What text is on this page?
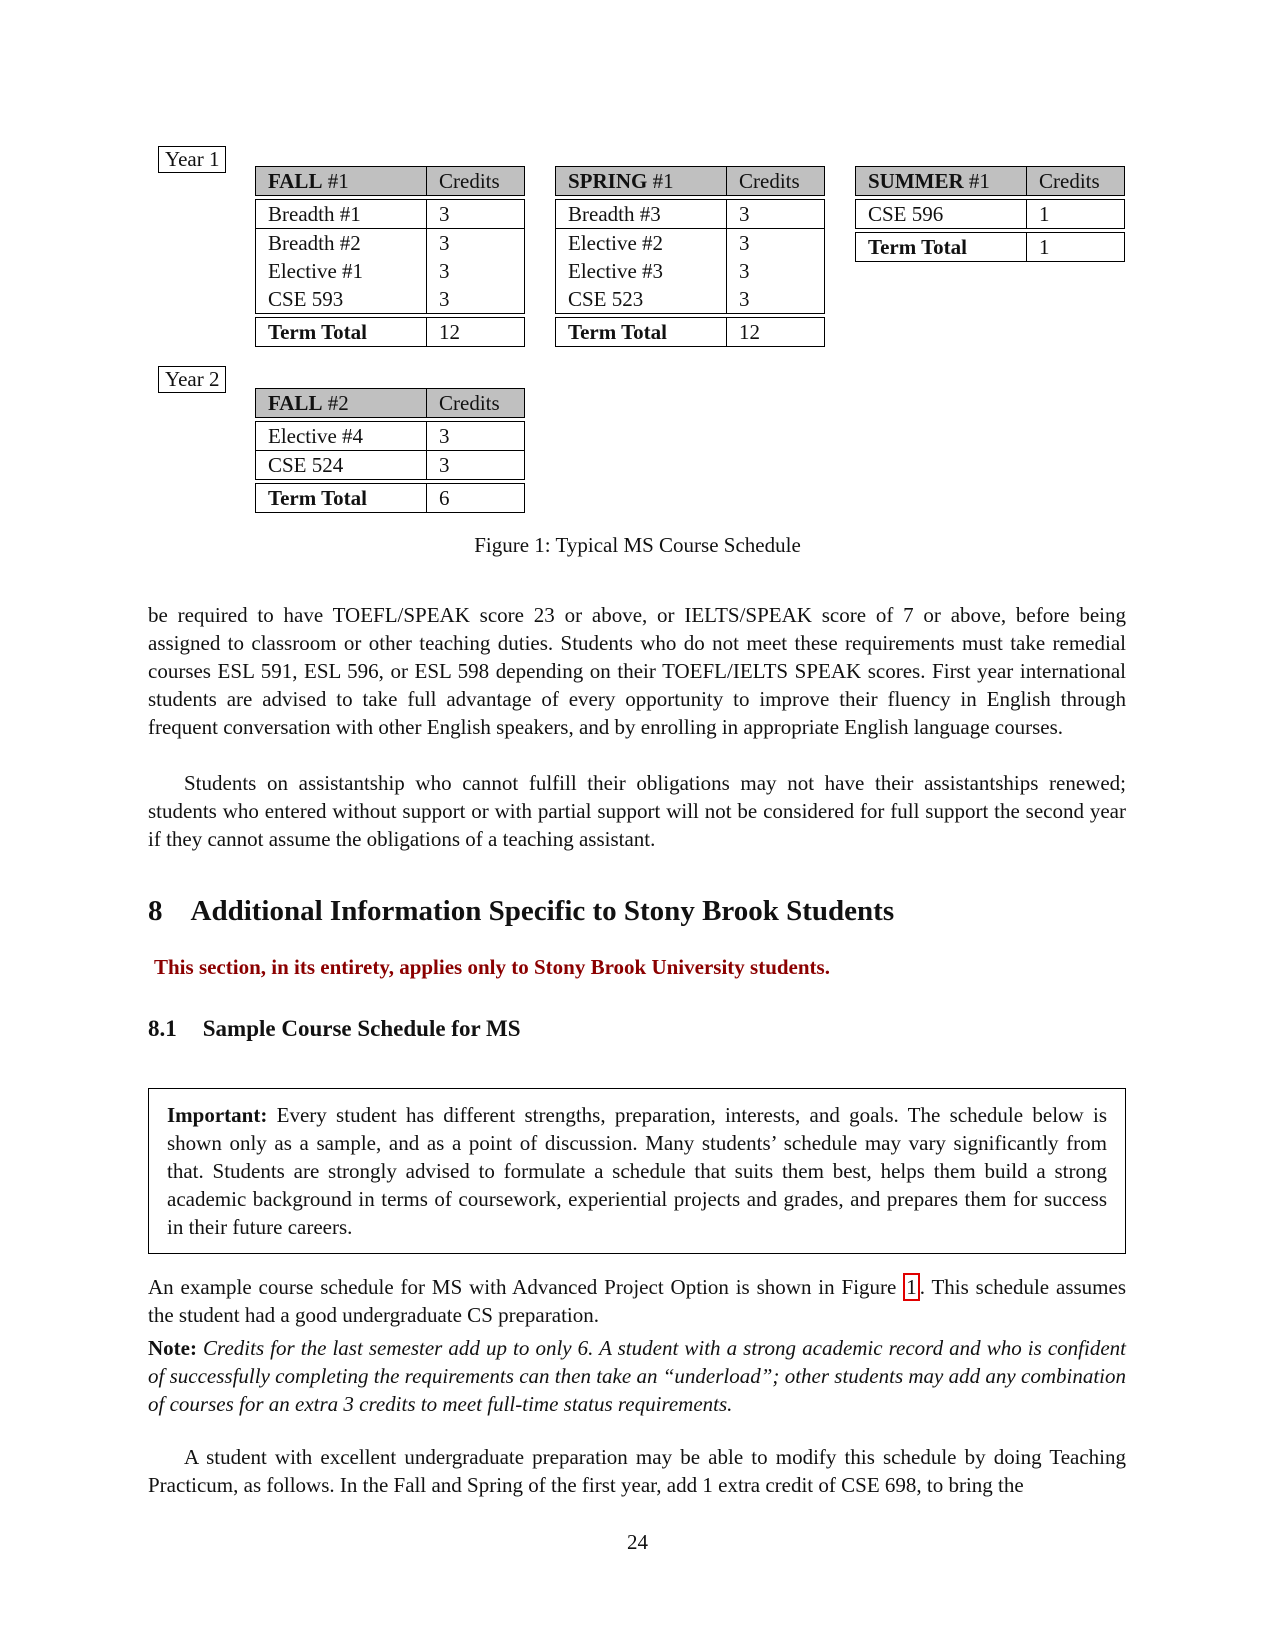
Year 1
Year 2
FALL #1	Credits
Breadth #1	3
Breadth #2	3
Elective #1	3
CSE 593	3
Term Total	12
SPRING #1	Credits
Breadth #3	3
Elective #2	3
Elective #3	3
CSE 523	3
Term Total	12
SUMMER #1	Credits
CSE 596	1
Term Total	1
FALL #2	Credits
Elective #4	3
CSE 524	3
Term Total	6
Figure 1: Typical MS Course Schedule
be required to have TOEFL/SPEAK score 23 or above, or IELTS/SPEAK score of 7 or above, before being assigned to classroom or other teaching duties. Students who do not meet these requirements must take remedial courses ESL 591, ESL 596, or ESL 598 depending on their TOEFL/IELTS SPEAK scores. First year international students are advised to take full advantage of every opportunity to improve their fluency in English through frequent conversation with other English speakers, and by enrolling in appropriate English language courses.
Students on assistantship who cannot fulfill their obligations may not have their assistantships renewed; students who entered without support or with partial support will not be considered for full support the second year if they cannot assume the obligations of a teaching assistant.
8 Additional Information Specific to Stony Brook Students
This section, in its entirety, applies only to Stony Brook University students.
8.1 Sample Course Schedule for MS
Important: Every student has different strengths, preparation, interests, and goals. The schedule below is shown only as a sample, and as a point of discussion. Many students’ schedule may vary significantly from that. Students are strongly advised to formulate a schedule that suits them best, helps them build a strong academic background in terms of coursework, experiential projects and grades, and prepares them for success in their future careers.
An example course schedule for MS with Advanced Project Option is shown in Figure 1 . This schedule assumes the student had a good undergraduate CS preparation.
Note: Credits for the last semester add up to only 6. A student with a strong academic record and who is confident of successfully completing the requirements can then take an “underload”; other students may add any combination of courses for an extra 3 credits to meet full-time status requirements.
A student with excellent undergraduate preparation may be able to modify this schedule by doing Teaching Practicum, as follows. In the Fall and Spring of the first year, add 1 extra credit of CSE 698, to bring the
24
